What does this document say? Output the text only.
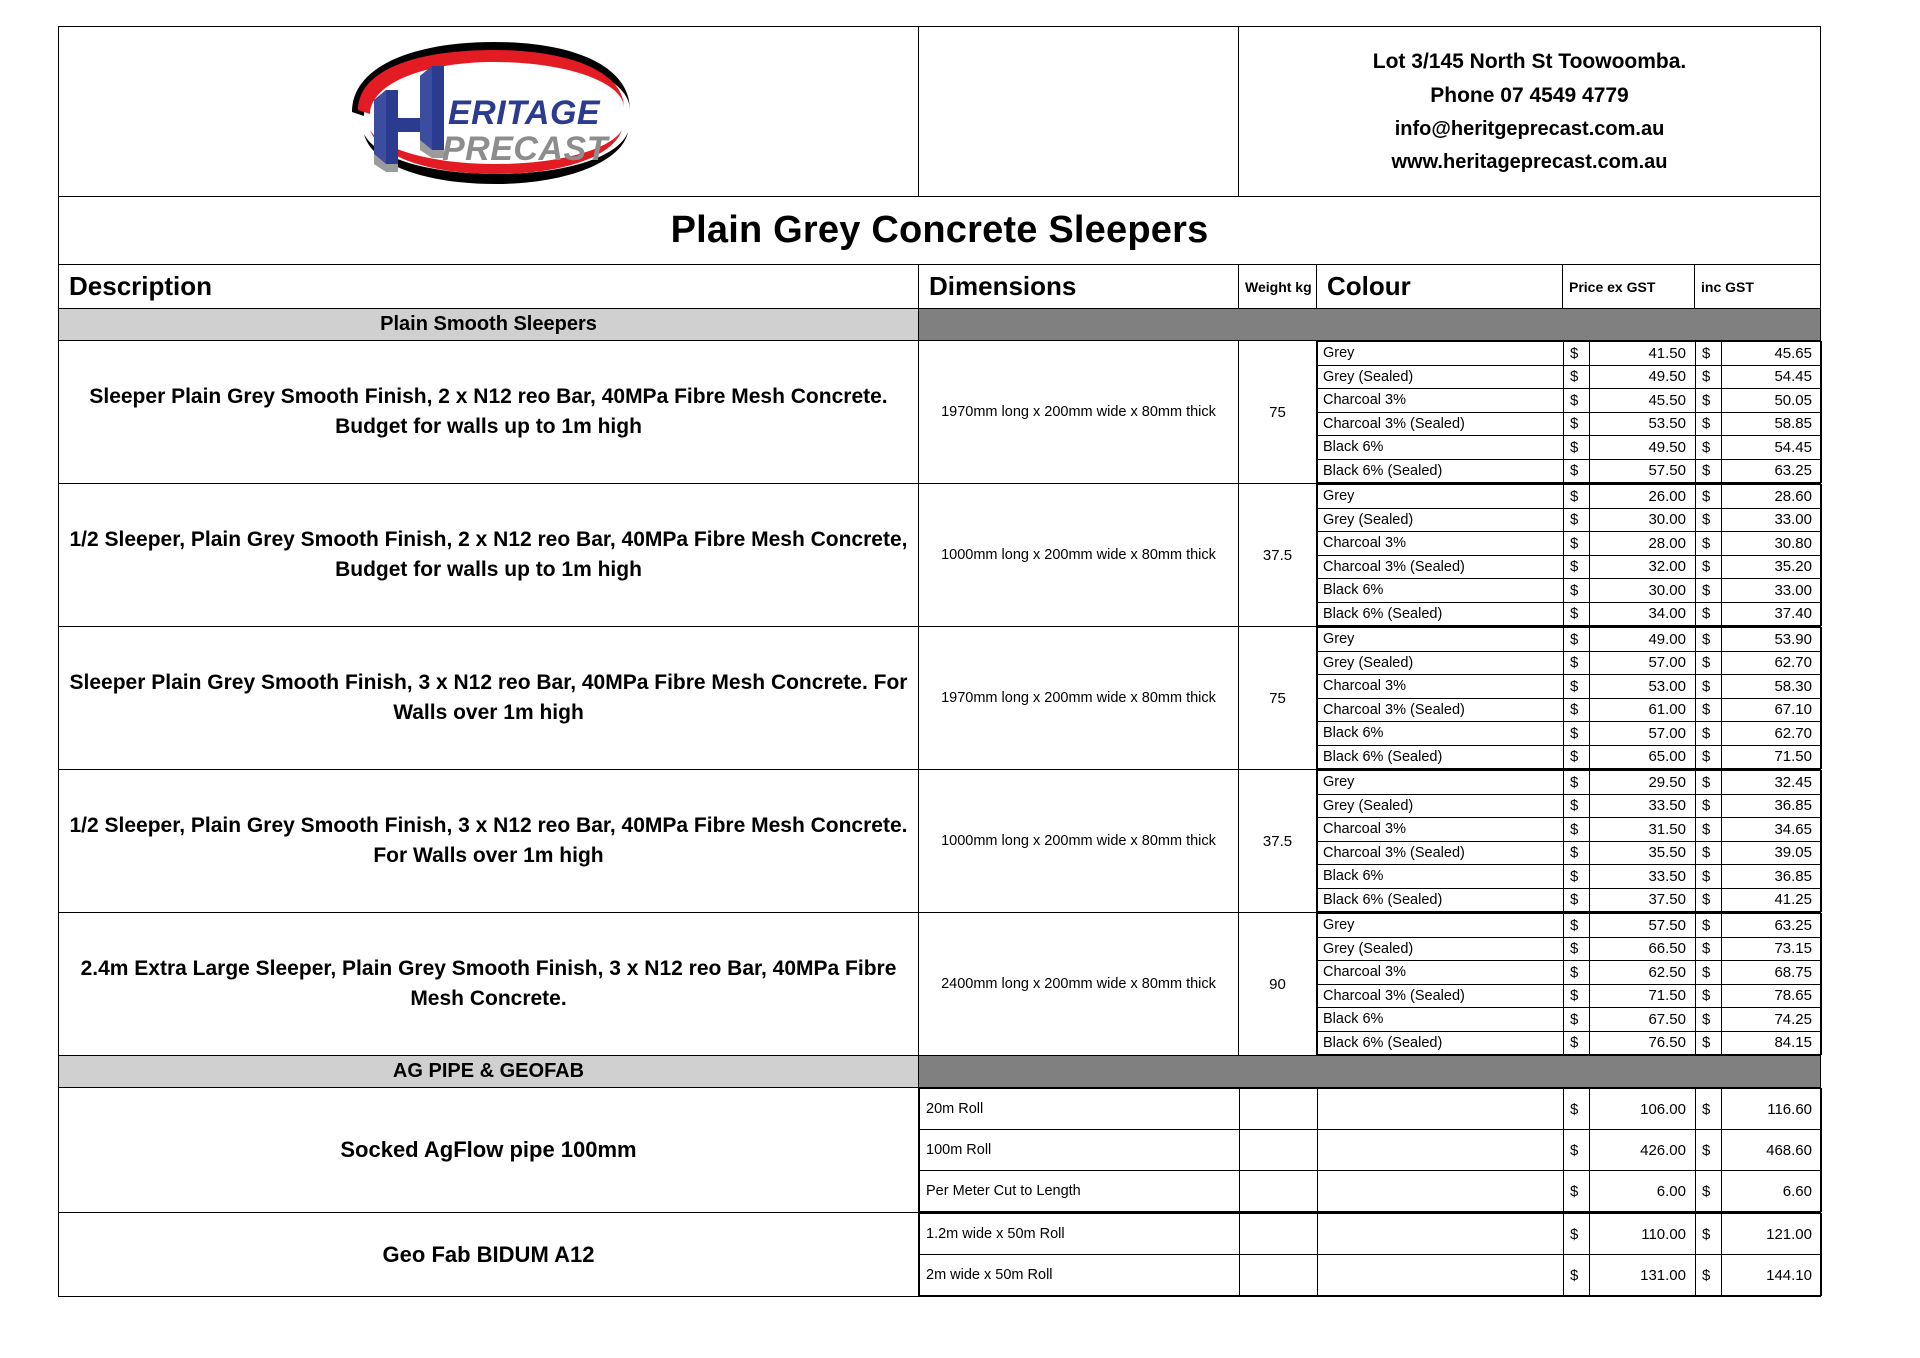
ERITAGE
PRECAST

Lot 3/145 North St Toowoomba.
Phone 07 4549 4779
info@heritgeprecast.com.au
www.heritageprecast.com.au

Plain Grey Concrete Sleepers
Description	Dimensions	Weight kg	Colour	Price ex GST	inc GST
Plain Smooth Sleepers	
Sleeper Plain Grey Smooth Finish, 2 x N12 reo Bar, 40MPa Fibre Mesh Concrete. Budget for walls up to 1m high	1970mm long x 200mm wide x 80mm thick	75	
Grey	$	41.50	$	45.65
Grey (Sealed)	$	49.50	$	54.45
Charcoal 3%	$	45.50	$	50.05
Charcoal 3% (Sealed)	$	53.50	$	58.85
Black 6%	$	49.50	$	54.45
Black 6% (Sealed)	$	57.50	$	63.25

1/2 Sleeper, Plain Grey Smooth Finish, 2 x N12 reo Bar, 40MPa Fibre Mesh Concrete, Budget for walls up to 1m high	1000mm long x 200mm wide x 80mm thick	37.5	
Grey	$	26.00	$	28.60
Grey (Sealed)	$	30.00	$	33.00
Charcoal 3%	$	28.00	$	30.80
Charcoal 3% (Sealed)	$	32.00	$	35.20
Black 6%	$	30.00	$	33.00
Black 6% (Sealed)	$	34.00	$	37.40

Sleeper Plain Grey Smooth Finish, 3 x N12 reo Bar, 40MPa Fibre Mesh Concrete. For Walls over 1m high	1970mm long x 200mm wide x 80mm thick	75	
Grey	$	49.00	$	53.90
Grey (Sealed)	$	57.00	$	62.70
Charcoal 3%	$	53.00	$	58.30
Charcoal 3% (Sealed)	$	61.00	$	67.10
Black 6%	$	57.00	$	62.70
Black 6% (Sealed)	$	65.00	$	71.50

1/2 Sleeper, Plain Grey Smooth Finish, 3 x N12 reo Bar, 40MPa Fibre Mesh Concrete. For Walls over 1m high	1000mm long x 200mm wide x 80mm thick	37.5	
Grey	$	29.50	$	32.45
Grey (Sealed)	$	33.50	$	36.85
Charcoal 3%	$	31.50	$	34.65
Charcoal 3% (Sealed)	$	35.50	$	39.05
Black 6%	$	33.50	$	36.85
Black 6% (Sealed)	$	37.50	$	41.25

2.4m Extra Large Sleeper, Plain Grey Smooth Finish, 3 x N12 reo Bar, 40MPa Fibre Mesh Concrete.	2400mm long x 200mm wide x 80mm thick	90	
Grey	$	57.50	$	63.25
Grey (Sealed)	$	66.50	$	73.15
Charcoal 3%	$	62.50	$	68.75
Charcoal 3% (Sealed)	$	71.50	$	78.65
Black 6%	$	67.50	$	74.25
Black 6% (Sealed)	$	76.50	$	84.15

AG PIPE & GEOFAB	
Socked AgFlow pipe 100mm	
20m Roll			$	106.00	$	116.60
100m Roll			$	426.00	$	468.60
Per Meter Cut to Length			$	6.00	$	6.60

Geo Fab BIDUM A12	
1.2m wide x 50m Roll			$	110.00	$	121.00
2m wide x 50m Roll			$	131.00	$	144.10
